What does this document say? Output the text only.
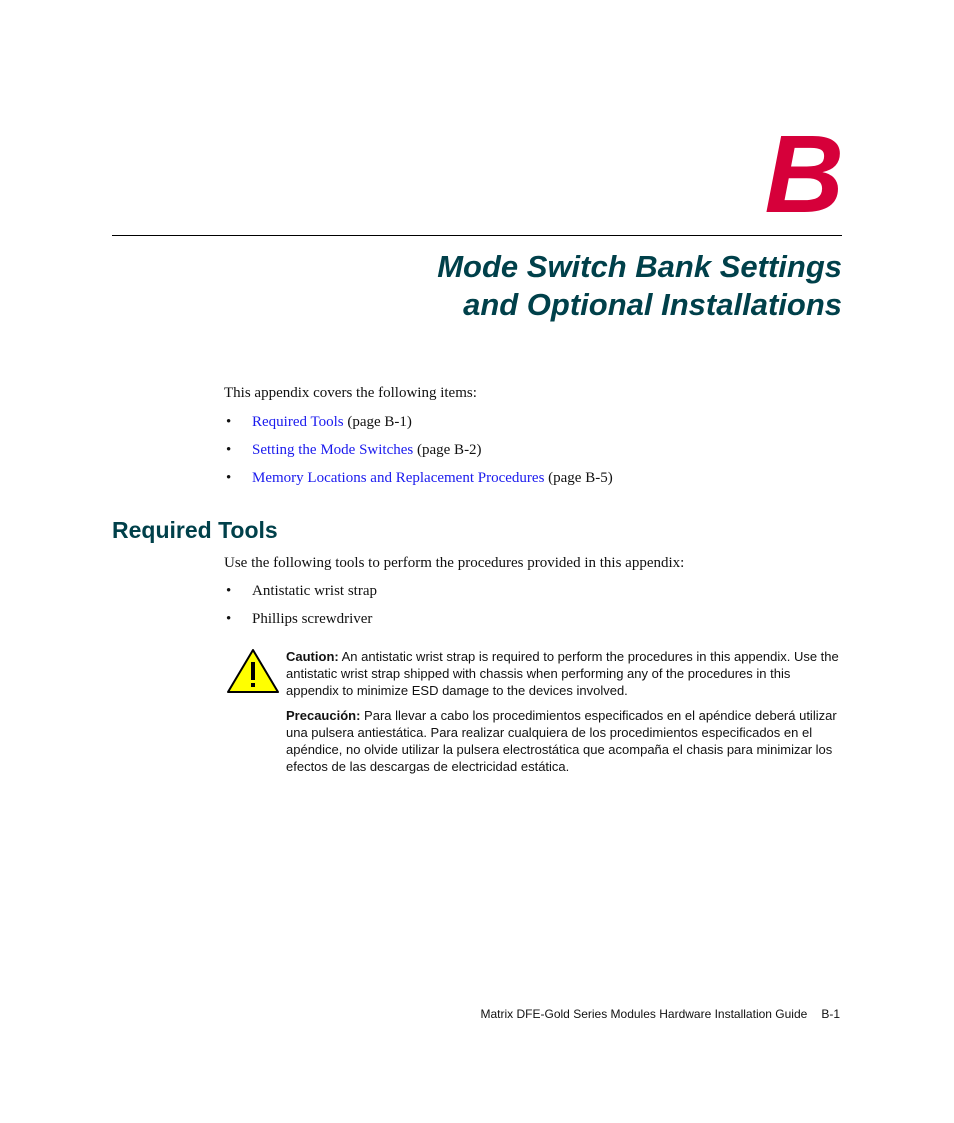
B
Mode Switch Bank Settings
and Optional Installations

This appendix covers the following items:

• Required Tools (page B-1)
• Setting the Mode Switches (page B-2)
• Memory Locations and Replacement Procedures (page B-5)
Required Tools

Use the following tools to perform the procedures provided in this appendix:

• Antistatic wrist strap
• Phillips screwdriver

Caution: An antistatic wrist strap is required to perform the procedures in this appendix. Use the antistatic wrist strap shipped with chassis when performing any of the procedures in this appendix to minimize ESD damage to the devices involved.

Precaución: Para llevar a cabo los procedimientos especificados en el apéndice deberá utilizar una pulsera antiestática. Para realizar cualquiera de los procedimientos especificados en el apéndice, no olvide utilizar la pulsera electrostática que acompaña el chasis para minimizar los efectos de las descargas de electricidad estática.

Matrix DFE-Gold Series Modules Hardware Installation Guide B-1
